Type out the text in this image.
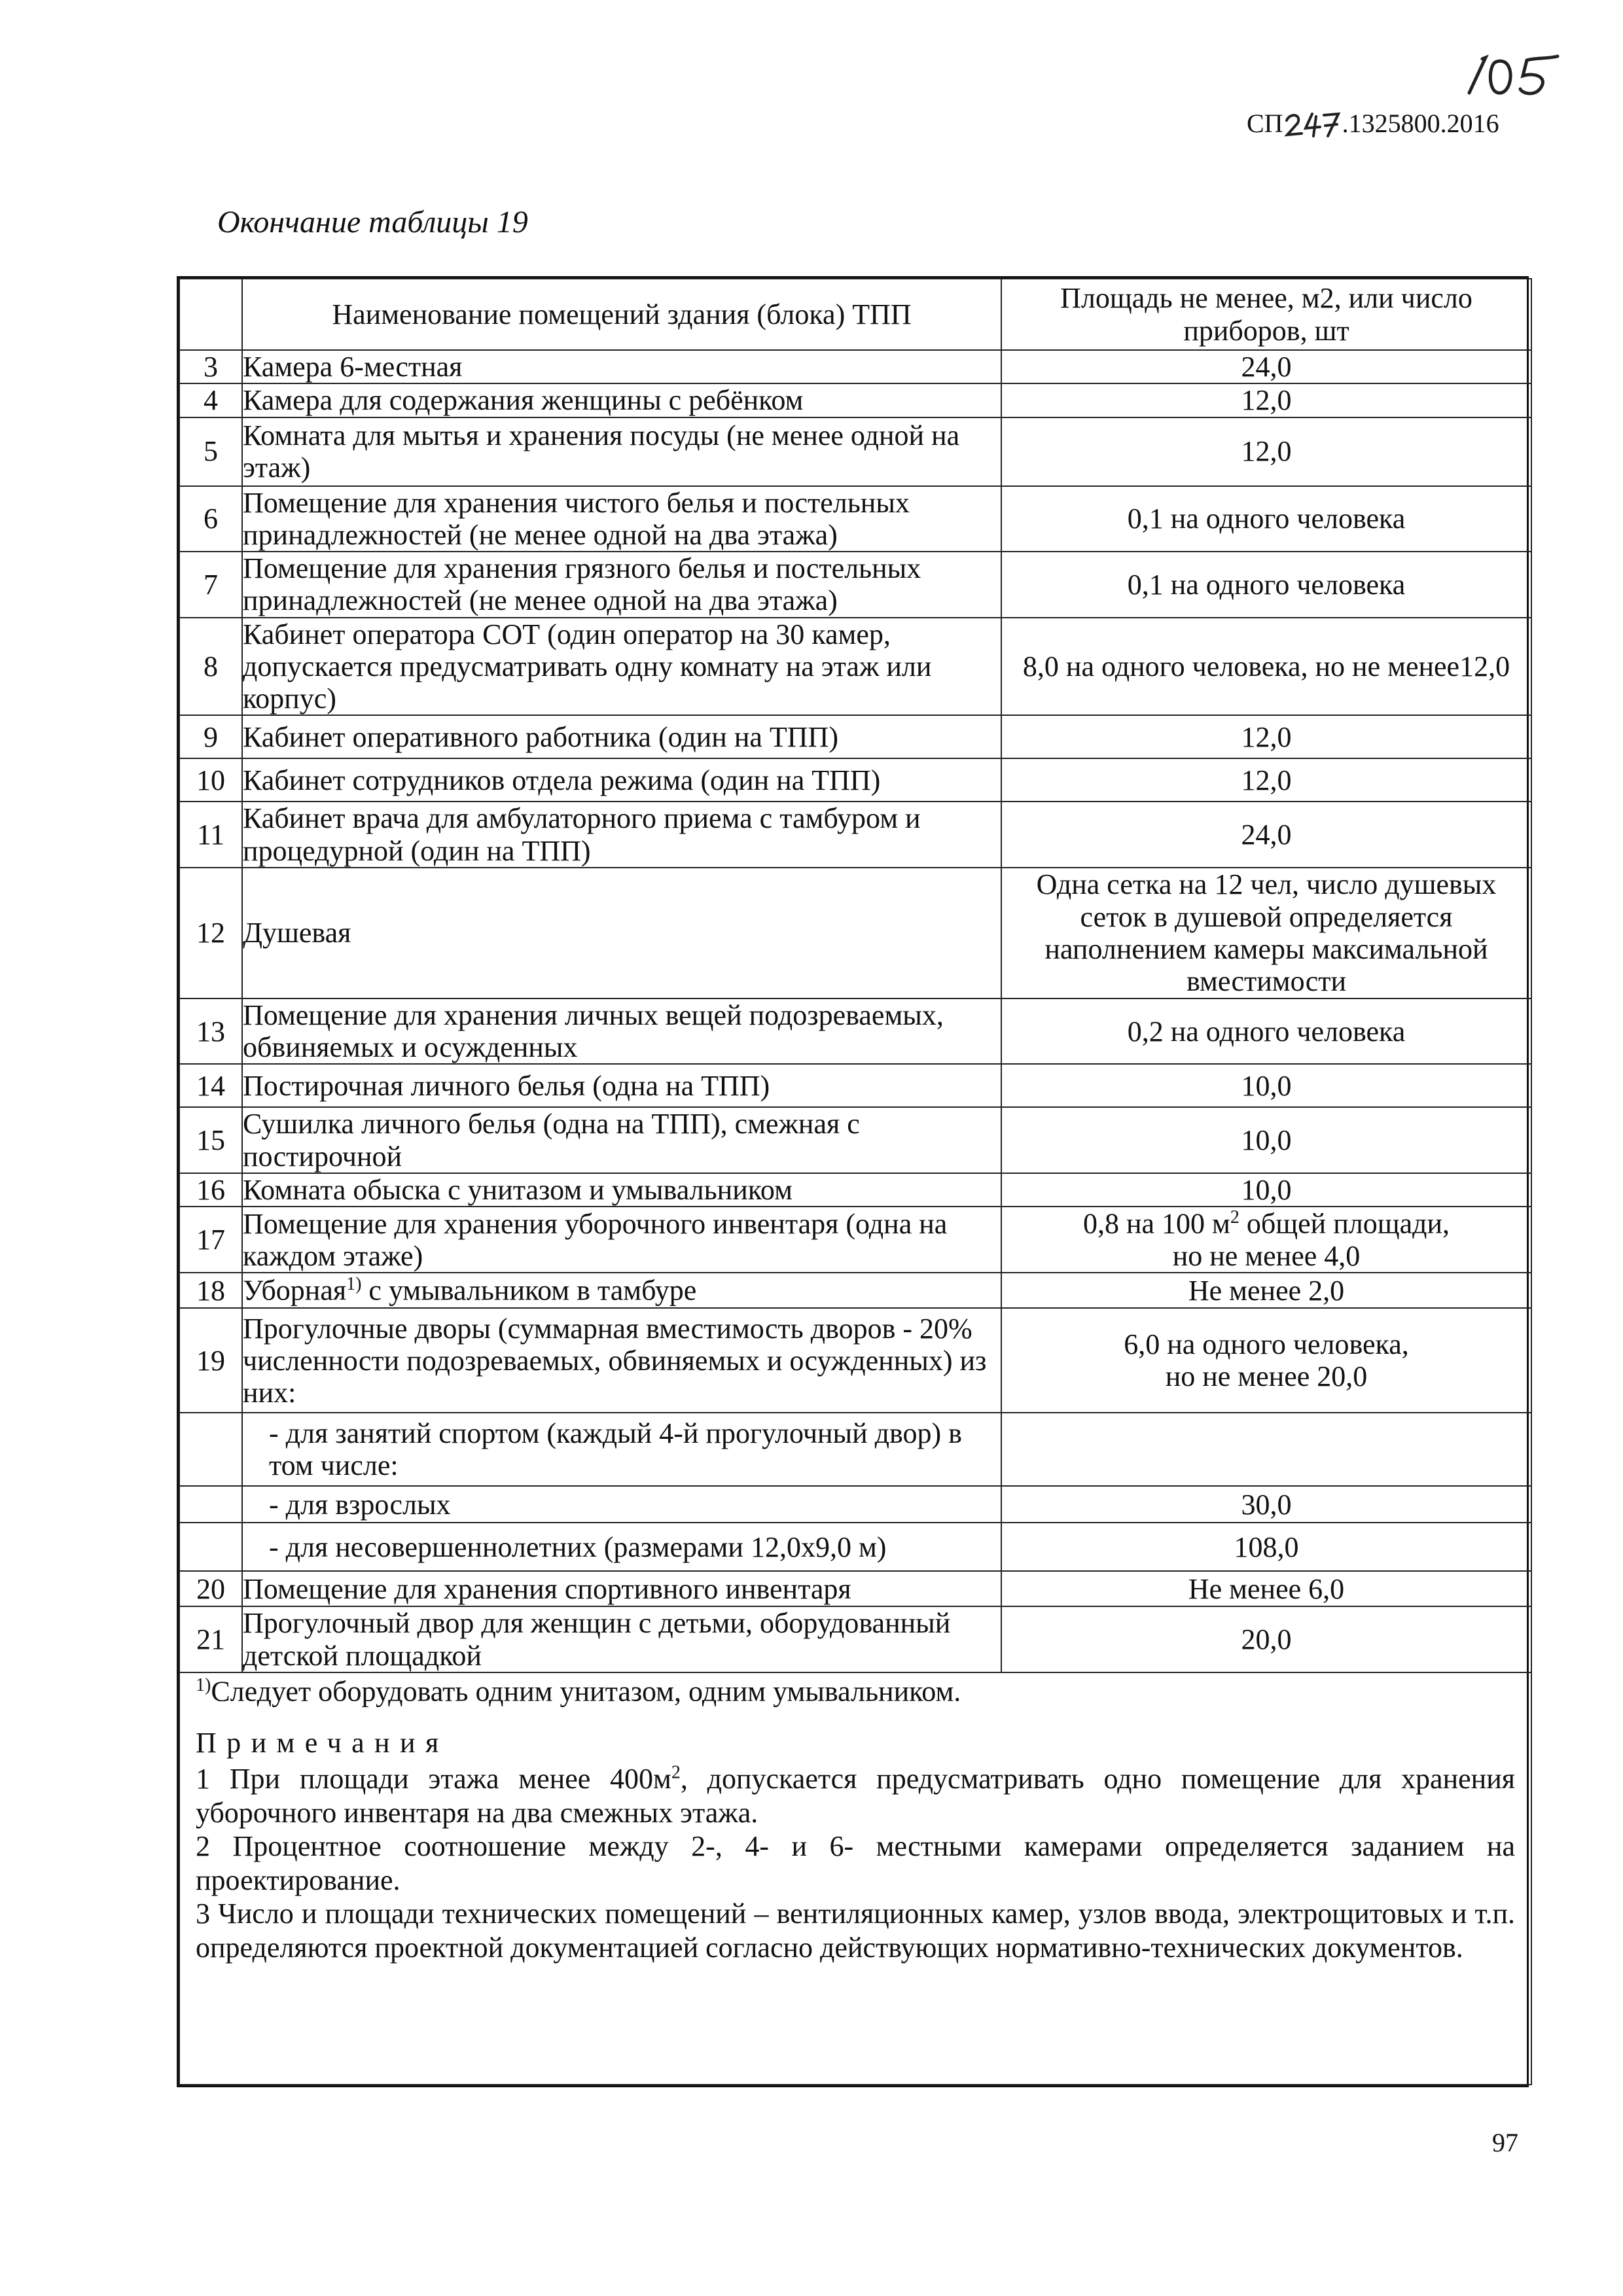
СП .1325800.2016
Окончание таблицы 19
	Наименование помещений здания (блока) ТПП	Площадь не менее, м2, или число приборов, шт
3	Камера 6-местная	24,0
4	Камера для содержания женщины с ребёнком	12,0
5	Комната для мытья и хранения посуды (не менее одной на этаж)	12,0
6	Помещение для хранения чистого белья и постельных принадлежностей (не менее одной на два этажа)	0,1 на одного человека
7	Помещение для хранения грязного белья и постельных принадлежностей (не менее одной на два этажа)	0,1 на одного человека
8	Кабинет оператора СОТ (один оператор на 30 камер, допускается предусматривать одну комнату на этаж или корпус)	8,0 на одного человека, но не менее12,0
9	Кабинет оперативного работника (один на ТПП)	12,0
10	Кабинет сотрудников отдела режима (один на ТПП)	12,0
11	Кабинет врача для амбулаторного приема с тамбуром и процедурной (один на ТПП)	24,0
12	Душевая	Одна сетка на 12 чел, число душевых сеток в душевой определяется наполнением камеры максимальной вместимости
13	Помещение для хранения личных вещей подозреваемых, обвиняемых и осужденных	0,2 на одного человека
14	Постирочная личного белья (одна на ТПП)	10,0
15	Сушилка личного белья (одна на ТПП), смежная с постирочной	10,0
16	Комната обыска с унитазом и умывальником	10,0
17	Помещение для хранения уборочного инвентаря (одна на каждом этаже)	0,8 на 100 $м^2$ общей площади,
но не менее 4,0

18	Уборная$^{1)}$ с умывальником в тамбуре	Не менее 2,0
19	Прогулочные дворы (суммарная вместимость дворов - 20% численности подозреваемых, обвиняемых и осужденных) из них:	6,0 на одного человека,
но не менее 20,0

	- для занятий спортом (каждый 4-й прогулочный двор) в том числе:	
	- для взрослых	30,0
	- для несовершеннолетних (размерами 12,0х9,0 м)	108,0
20	Помещение для хранения спортивного инвентаря	Не менее 6,0
21	Прогулочный двор для женщин с детьми, оборудованный детской площадкой	20,0
$^{1)}$Следует оборудовать одним унитазом, одним умывальником.		

Примечания
1 При площади этажа менее $400м^2$, допускается предусматривать одно помещение для хранения уборочного инвентаря на два смежных этажа.
2 Процентное соотношение между 2-, 4- и 6- местными камерами определяется заданием на проектирование.
3 Число и площади технических помещений – вентиляционных камер, узлов ввода, электрощитовых и т.п. определяются проектной документацией согласно действующих нормативно-технических документов.		
97
